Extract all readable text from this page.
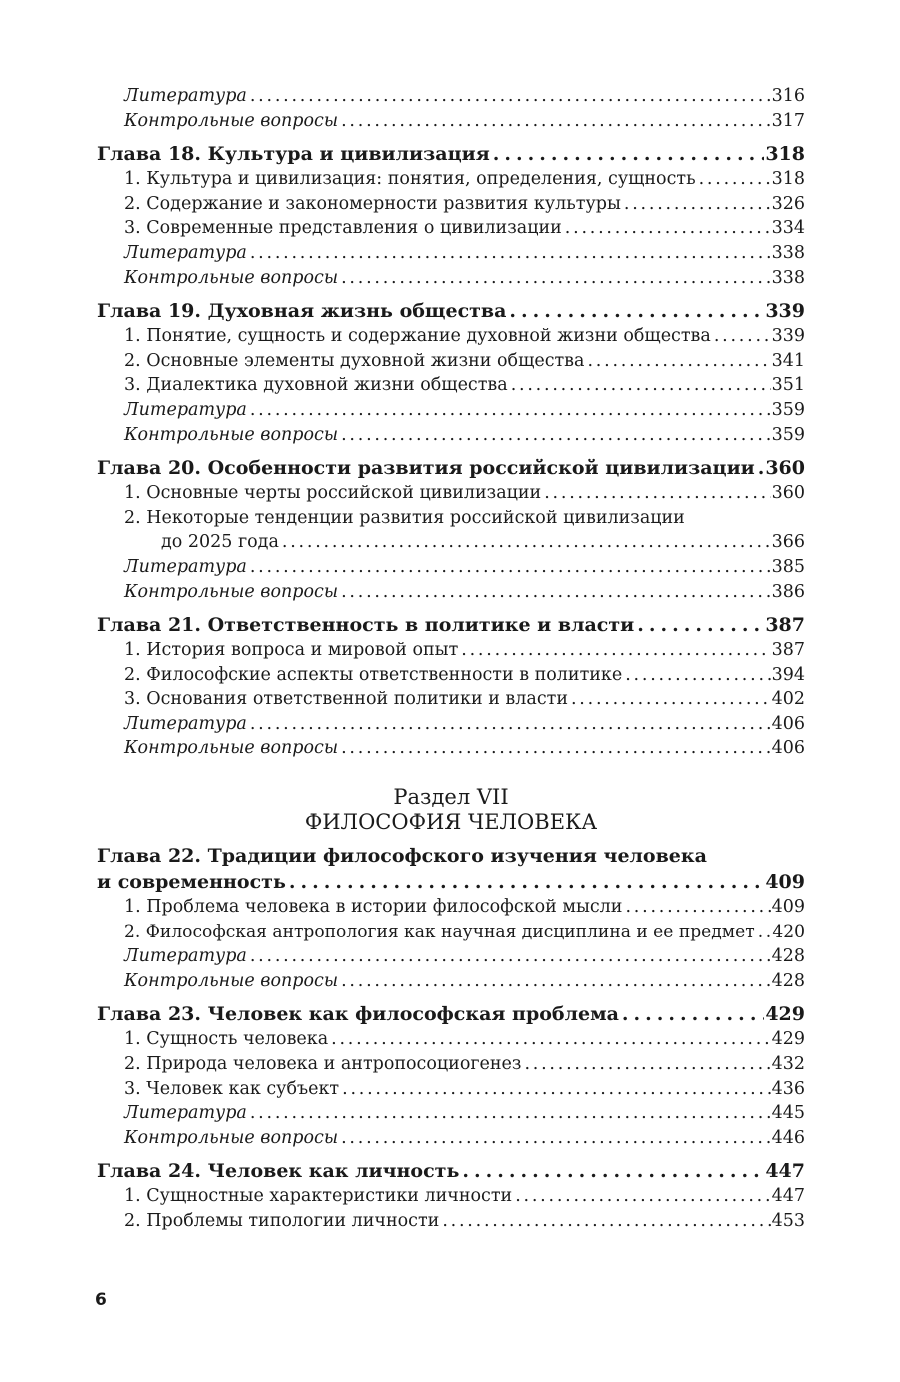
Литература . . .	316
Контрольные вопросы . . .	317
Глава 18. Культура и цивилизация . . .	318
1. Культура и цивилизация: понятия, определения, сущность . . .	318
2. Содержание и закономерности развития культуры . . .	326
3. Современные представления о цивилизации . . .	334
Литература . . .	338
Контрольные вопросы . . .	338
Глава 19. Духовная жизнь общества . . .	339
1. Понятие, сущность и содержание духовной жизни общества . . .	339
2. Основные элементы духовной жизни общества . . .	341
3. Диалектика духовной жизни общества . . .	351
Литература . . .	359
Контрольные вопросы . . .	359
Глава 20. Особенности развития российской цивилизации . . . 360
1. Основные черты российской цивилизации . . .	360
2. Некоторые тенденции развития российской цивилизации
до 2025 года . . .	366
Литература . . .	385
Контрольные вопросы . . .	386
Глава 21. Ответственность в политике и власти . . .	387
1. История вопроса и мировой опыт . . .	387
2. Философские аспекты ответственности в политике . . .	394
3. Основания ответственной политики и власти . . .	402
Литература . . .	406
Контрольные вопросы . . .	406
Раздел VII
ФИЛОСОФИЯ ЧЕЛОВЕКА
Глава 22. Традиции философского изучения человека
и современность . . .	409
1. Проблема человека в истории философской мысли . . .	409
2. Философская антропология как научная дисциплина и ее предмет . . . 420
Литература . . .	428
Контрольные вопросы . . .	428
Глава 23. Человек как философская проблема . . .	429
1. Сущность человека . . .	429
2. Природа человека и антропосоциогенез . . .	432
3. Человек как субъект . . .	436
Литература . . .	445
Контрольные вопросы . . .	446
Глава 24. Человек как личность . . .	447
1. Сущностные характеристики личности . . .	447
2. Проблемы типологии личности . . .	453
6
